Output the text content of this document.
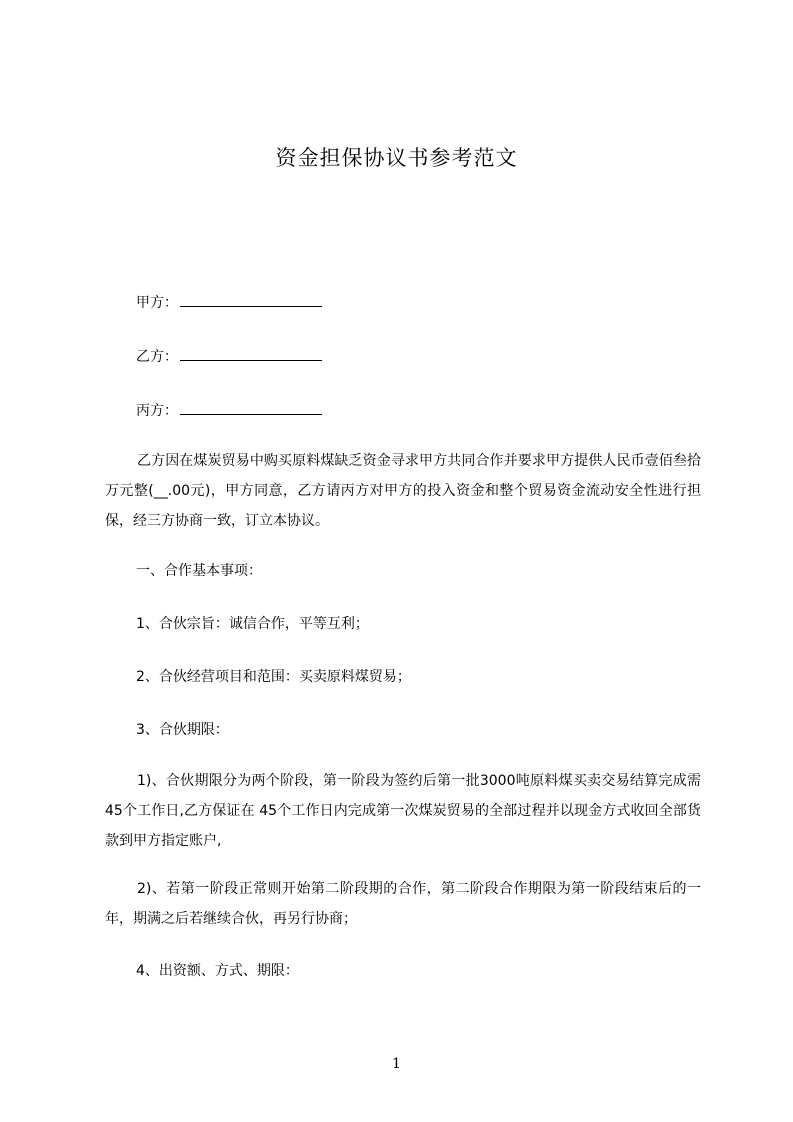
资金担保协议书参考范文
甲方：
乙方：
丙方：
乙方因在煤炭贸易中购买原料煤缺乏资金寻求甲方共同合作并要求甲方提供人民币壹佰叁拾万元整(__.00元)，甲方同意，乙方请丙方对甲方的投入资金和整个贸易资金流动安全性进行担保，经三方协商一致，订立本协议。
一、合作基本事项：
1、合伙宗旨：诚信合作，平等互利；
2、合伙经营项目和范围：买卖原料煤贸易；
3、合伙期限：
1)、合伙期限分为两个阶段，第一阶段为签约后第一批3000吨原料煤买卖交易结算完成需45个工作日,乙方保证在 45个工作日内完成第一次煤炭贸易的全部过程并以现金方式收回全部货款到甲方指定账户,
2)、若第一阶段正常则开始第二阶段期的合作，第二阶段合作期限为第一阶段结束后的一年，期满之后若继续合伙，再另行协商；
4、出资额、方式、期限：
1
